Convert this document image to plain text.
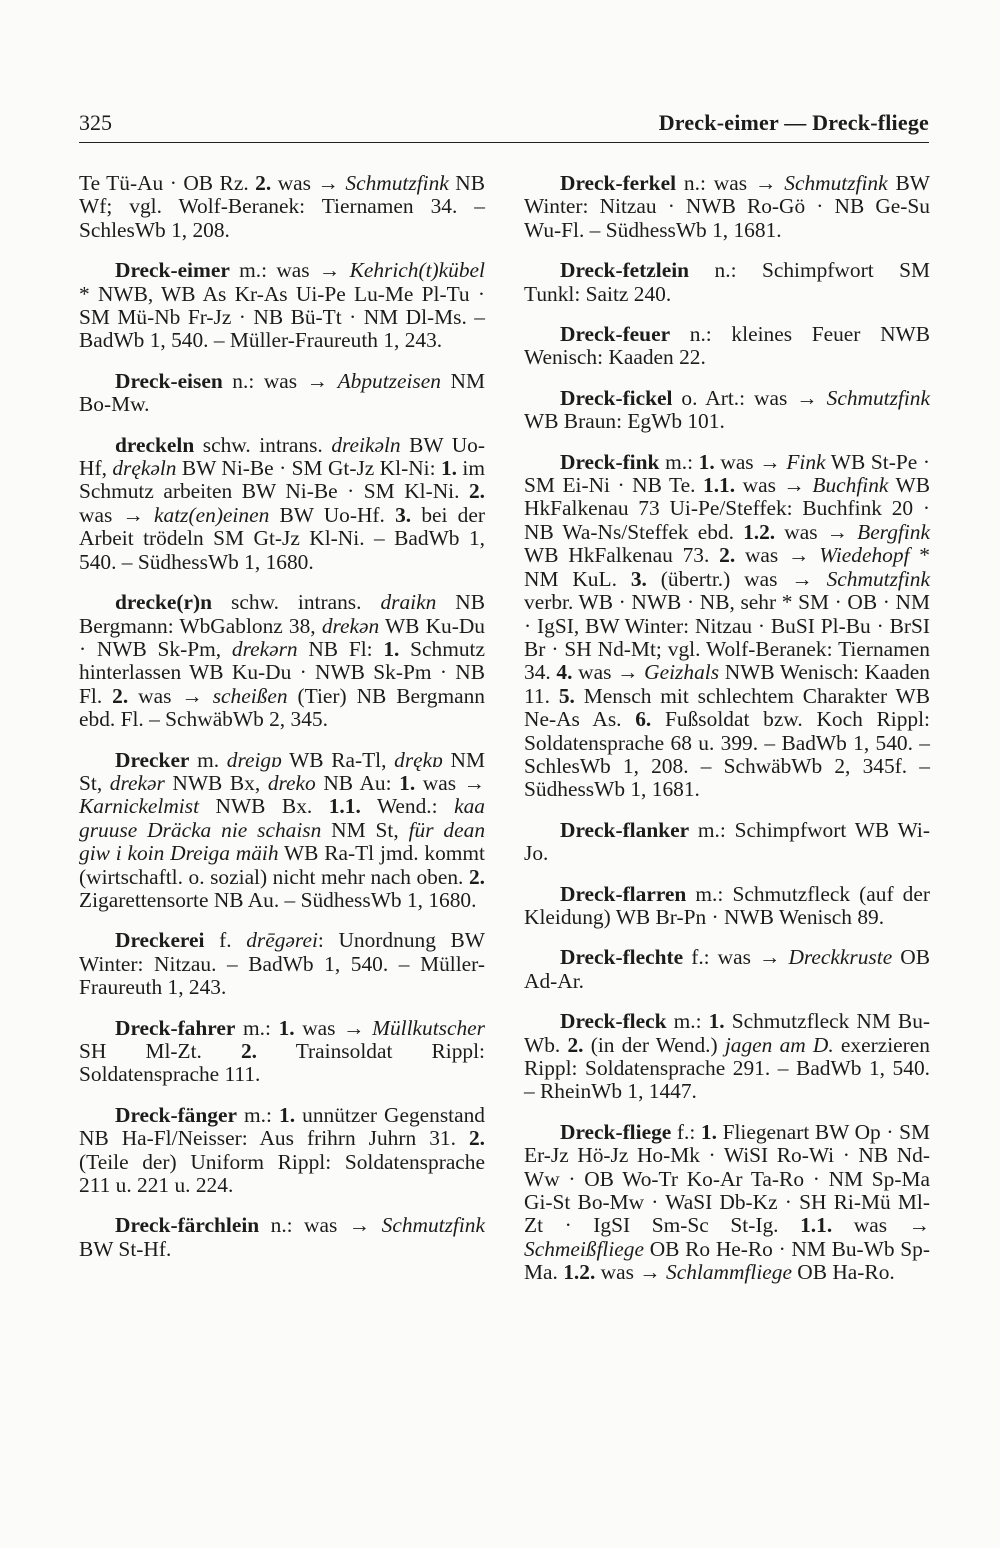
325	Dreck-eimer — Dreck-fliege

Te Tü-Au · OB Rz. 2. was → Schmutzfink NB Wf; vgl. Wolf-Beranek: Tiernamen 34. – SchlesWb 1, 208.

Dreck-eimer m.: was → Kehrich(t)kübel * NWB, WB As Kr-As Ui-Pe Lu-Me Pl-Tu · SM Mü-Nb Fr-Jz · NB Bü-Tt · NM Dl-Ms. – BadWb 1, 540. – Müller-Fraureuth 1, 243.

Dreck-eisen n.: was → Abputzeisen NM Bo-Mw.

dreckeln schw. intrans. dreikəln BW Uo-Hf, drękəln BW Ni-Be · SM Gt-Jz Kl-Ni: 1. im Schmutz arbeiten BW Ni-Be · SM Kl-Ni. 2. was → katz(en)einen BW Uo-Hf. 3. bei der Arbeit trödeln SM Gt-Jz Kl-Ni. – BadWb 1, 540. – SüdhessWb 1, 1680.

drecke(r)n schw. intrans. draikn NB Bergmann: WbGablonz 38, drekən WB Ku-Du · NWB Sk-Pm, drekərn NB Fl: 1. Schmutz hinterlassen WB Ku-Du · NWB Sk-Pm · NB Fl. 2. was → scheißen (Tier) NB Bergmann ebd. Fl. – SchwäbWb 2, 345.

Drecker m. dreigɒ WB Ra-Tl, drękɒ NM St, drekər NWB Bx, dreko NB Au: 1. was → Karnickelmist NWB Bx. 1.1. Wend.: kaa gruuse Dräcka nie schaisn NM St, für dean giw i koin Dreiga mäih WB Ra-Tl jmd. kommt (wirtschaftl. o. sozial) nicht mehr nach oben. 2. Zigarettensorte NB Au. – SüdhessWb 1, 1680.

Dreckerei f. drēgərei: Unordnung BW Winter: Nitzau. – BadWb 1, 540. – Müller-Fraureuth 1, 243.

Dreck-fahrer m.: 1. was → Müllkutscher SH Ml-Zt. 2. Trainsoldat Rippl: Soldatensprache 111.

Dreck-fänger m.: 1. unnützer Gegenstand NB Ha-Fl/Neisser: Aus frihrn Juhrn 31. 2. (Teile der) Uniform Rippl: Soldatensprache 211 u. 221 u. 224.

Dreck-färchlein n.: was → Schmutzfink BW St-Hf.

Dreck-ferkel n.: was → Schmutzfink BW Winter: Nitzau · NWB Ro-Gö · NB Ge-Su Wu-Fl. – SüdhessWb 1, 1681.

Dreck-fetzlein n.: Schimpfwort SM Tunkl: Saitz 240.

Dreck-feuer n.: kleines Feuer NWB Wenisch: Kaaden 22.

Dreck-fickel o. Art.: was → Schmutzfink WB Braun: EgWb 101.

Dreck-fink m.: 1. was → Fink WB St-Pe · SM Ei-Ni · NB Te. 1.1. was → Buchfink WB HkFalkenau 73 Ui-Pe/Steffek: Buchfink 20 · NB Wa-Ns/Steffek ebd. 1.2. was → Bergfink WB HkFalkenau 73. 2. was → Wiedehopf * NM KuL. 3. (übertr.) was → Schmutzfink verbr. WB · NWB · NB, sehr * SM · OB · NM · IgSI, BW Winter: Nitzau · BuSI Pl-Bu · BrSI Br · SH Nd-Mt; vgl. Wolf-Beranek: Tiernamen 34. 4. was → Geizhals NWB Wenisch: Kaaden 11. 5. Mensch mit schlechtem Charakter WB Ne-As As. 6. Fußsoldat bzw. Koch Rippl: Soldatensprache 68 u. 399. – BadWb 1, 540. – SchlesWb 1, 208. – SchwäbWb 2, 345f. – SüdhessWb 1, 1681.

Dreck-flanker m.: Schimpfwort WB Wi-Jo.

Dreck-flarren m.: Schmutzfleck (auf der Kleidung) WB Br-Pn · NWB Wenisch 89.

Dreck-flechte f.: was → Dreckkruste OB Ad-Ar.

Dreck-fleck m.: 1. Schmutzfleck NM Bu-Wb. 2. (in der Wend.) jagen am D. exerzieren Rippl: Soldatensprache 291. – BadWb 1, 540. – RheinWb 1, 1447.

Dreck-fliege f.: 1. Fliegenart BW Op · SM Er-Jz Hö-Jz Ho-Mk · WiSI Ro-Wi · NB Nd-Ww · OB Wo-Tr Ko-Ar Ta-Ro · NM Sp-Ma Gi-St Bo-Mw · WaSI Db-Kz · SH Ri-Mü Ml-Zt · IgSI Sm-Sc St-Ig. 1.1. was → Schmeißfliege OB Ro He-Ro · NM Bu-Wb Sp-Ma. 1.2. was → Schlammfliege OB Ha-Ro.
